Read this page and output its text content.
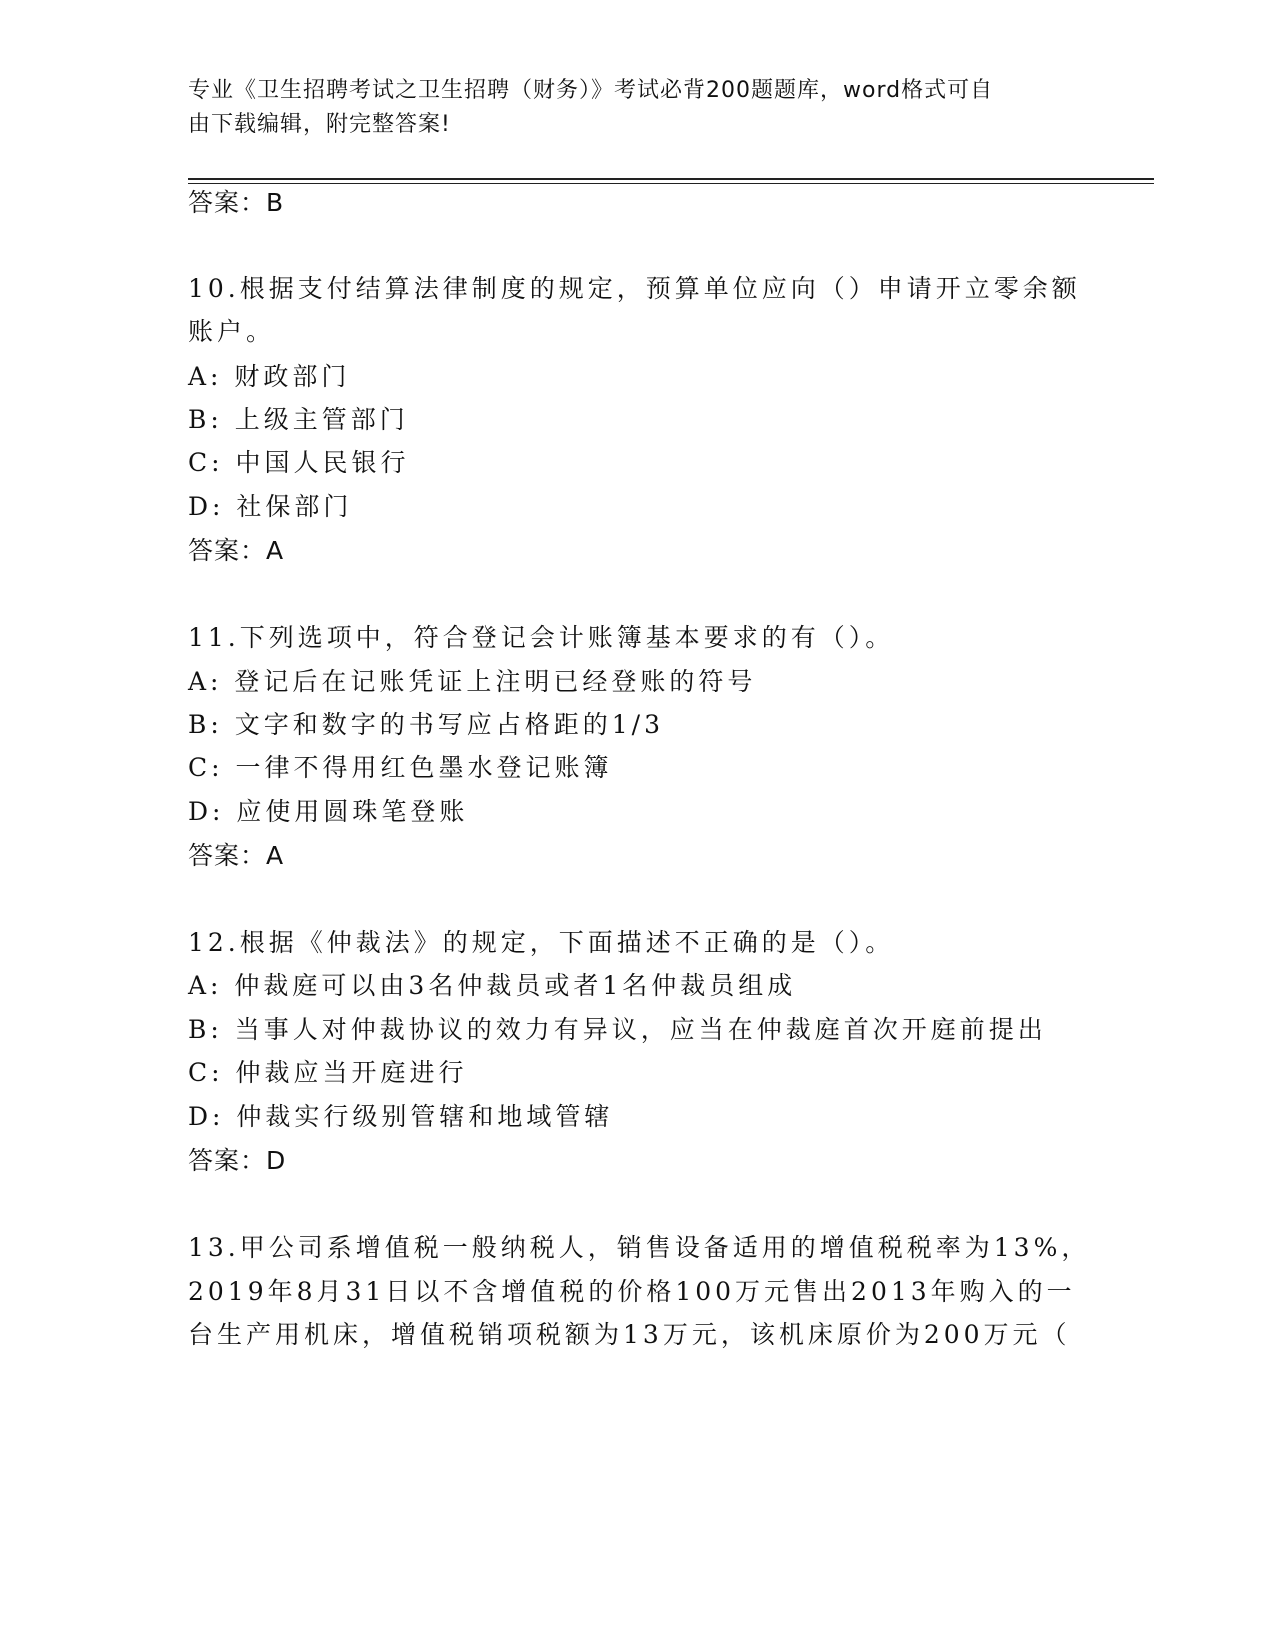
专业《卫生招聘考试之卫生招聘（财务）》考试必背200题题库，word格式可自
由下载编辑，附完整答案!
答案：B
10.根据支付结算法律制度的规定，预算单位应向（）申请开立零余额
账户。
A: 财政部门
B: 上级主管部门
C: 中国人民银行
D: 社保部门
答案：A
11.下列选项中，符合登记会计账簿基本要求的有（）。
A: 登记后在记账凭证上注明已经登账的符号
B: 文字和数字的书写应占格距的1/3
C: 一律不得用红色墨水登记账簿
D: 应使用圆珠笔登账
答案：A
12.根据《仲裁法》的规定，下面描述不正确的是（）。
A: 仲裁庭可以由3名仲裁员或者1名仲裁员组成
B: 当事人对仲裁协议的效力有异议，应当在仲裁庭首次开庭前提出
C: 仲裁应当开庭进行
D: 仲裁实行级别管辖和地域管辖
答案：D
13.甲公司系增值税一般纳税人，销售设备适用的增值税税率为13%，
2019年8月31日以不含增值税的价格100万元售出2013年购入的一
台生产用机床，增值税销项税额为13万元，该机床原价为200万元（
